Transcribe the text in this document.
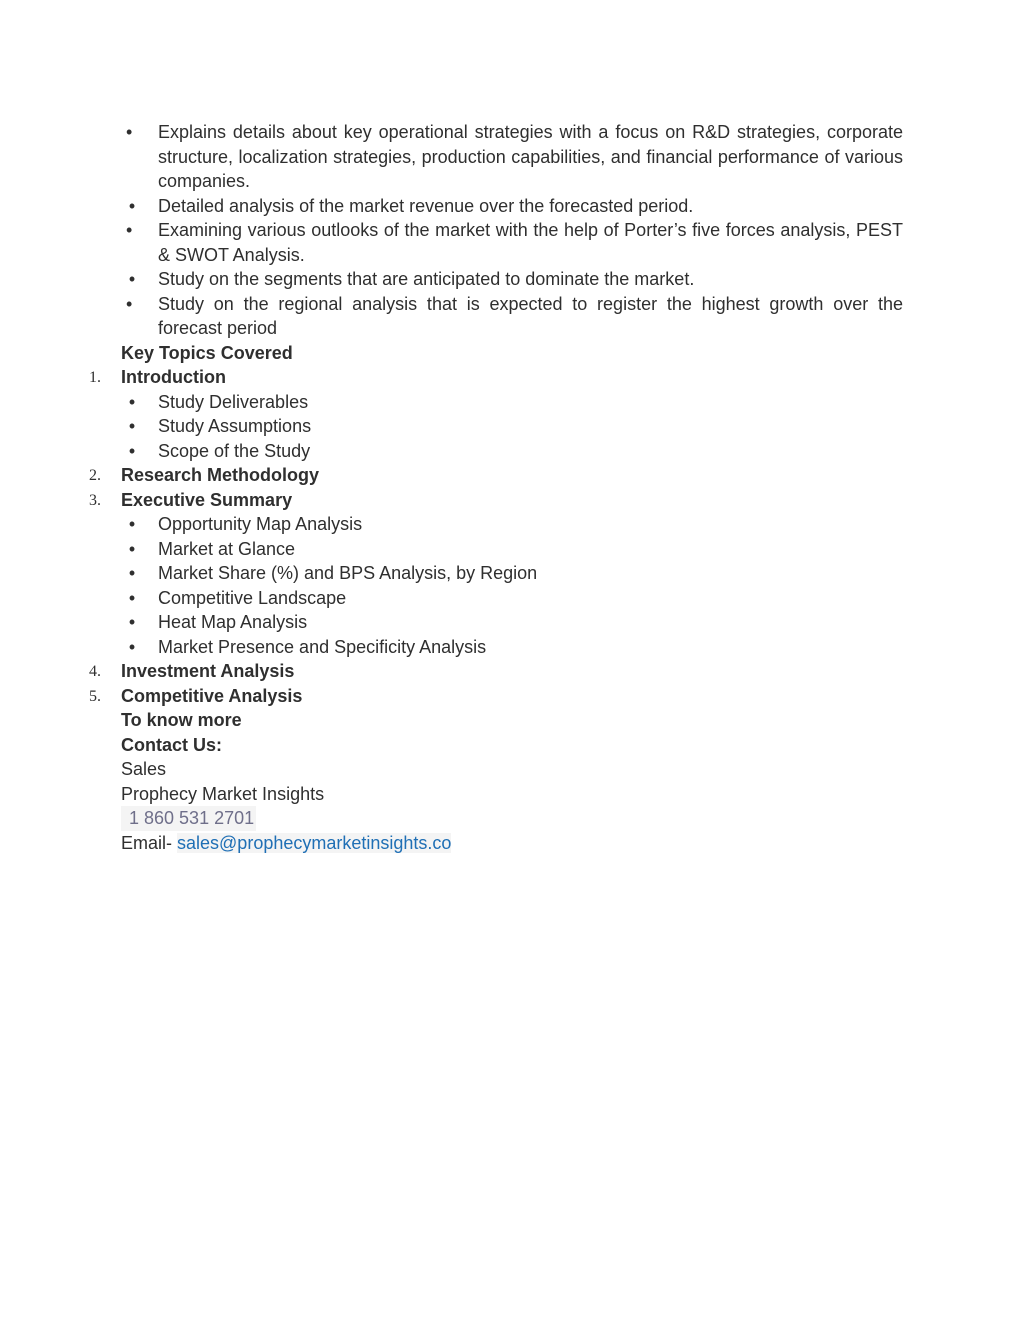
•	Explains details about key operational strategies with a focus on R&D strategies, corporate structure, localization strategies, production capabilities, and financial performance of various companies.
• Detailed analysis of the market revenue over the forecasted period.
•	Examining various outlooks of the market with the help of Porter’s five forces analysis, PEST & SWOT Analysis.
• Study on the segments that are anticipated to dominate the market.
•	Study on the regional analysis that is expected to register the highest growth over the forecast period
Key Topics Covered
1. Introduction
• Study Deliverables
• Study Assumptions
• Scope of the Study
2. Research Methodology
3. Executive Summary
• Opportunity Map Analysis
• Market at Glance
• Market Share (%) and BPS Analysis, by Region
• Competitive Landscape
• Heat Map Analysis
• Market Presence and Specificity Analysis
4. Investment Analysis
5. Competitive Analysis
To know more
Contact Us:
Sales
Prophecy Market Insights
1 860 531 2701
Email- sales@prophecymarketinsights.co
